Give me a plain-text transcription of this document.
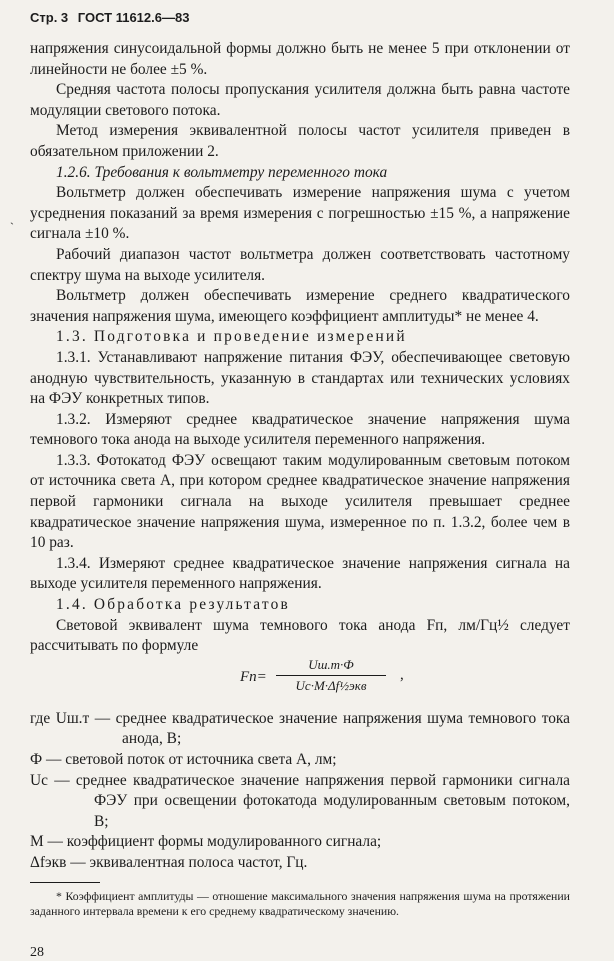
ˎ
Стр. 3 ГОСТ 11612.6—83

напряжения синусоидальной формы должно быть не менее 5 при отклонении от линейности не более ±5 %.

Средняя частота полосы пропускания усилителя должна быть равна частоте модуляции светового потока.

Метод измерения эквивалентной полосы частот усилителя приведен в обязательном приложении 2.

1.2.6. Требования к вольтметру переменного тока

Вольтметр должен обеспечивать измерение напряжения шума с учетом усреднения показаний за время измерения с погрешностью ±15 %, а напряжение сигнала ±10 %.

Рабочий диапазон частот вольтметра должен соответствовать частотному спектру шума на выходе усилителя.

Вольтметр должен обеспечивать измерение среднего квадратического значения напряжения шума, имеющего коэффициент амплитуды* не менее 4.

1.3. Подготовка и проведение измерений

1.3.1. Устанавливают напряжение питания ФЭУ, обеспечивающее световую анодную чувствительность, указанную в стандартах или технических условиях на ФЭУ конкретных типов.

1.3.2. Измеряют среднее квадратическое значение напряжения шума темнового тока анода на выходе усилителя переменного напряжения.

1.3.3. Фотокатод ФЭУ освещают таким модулированным световым потоком от источника света A, при котором среднее квадратическое значение напряжения первой гармоники сигнала на выходе усилителя превышает среднее квадратическое значение напряжения шума, измеренное по п. 1.3.2, более чем в 10 раз.

1.3.4. Измеряют среднее квадратическое значение напряжения сигнала на выходе усилителя переменного напряжения.

1.4. Обработка результатов

Световой эквивалент шума темнового тока анода Fп, лм/Гц½ следует рассчитывать по формуле

Fп=
Uш.т·Ф
Uc·M·Δf½экв
,

где Uш.т — среднее квадратическое значение напряжения шума темнового тока анода, В;

Ф — световой поток от источника света A, лм;

Uc — среднее квадратическое значение напряжения первой гармоники сигнала ФЭУ при освещении фотокатода модулированным световым потоком, В;

M — коэффициент формы модулированного сигнала;

Δfэкв — эквивалентная полоса частот, Гц.

* Коэффициент амплитуды — отношение максимального значения напряжения шума на протяжении заданного интервала времени к его среднему квадратическому значению.

28
